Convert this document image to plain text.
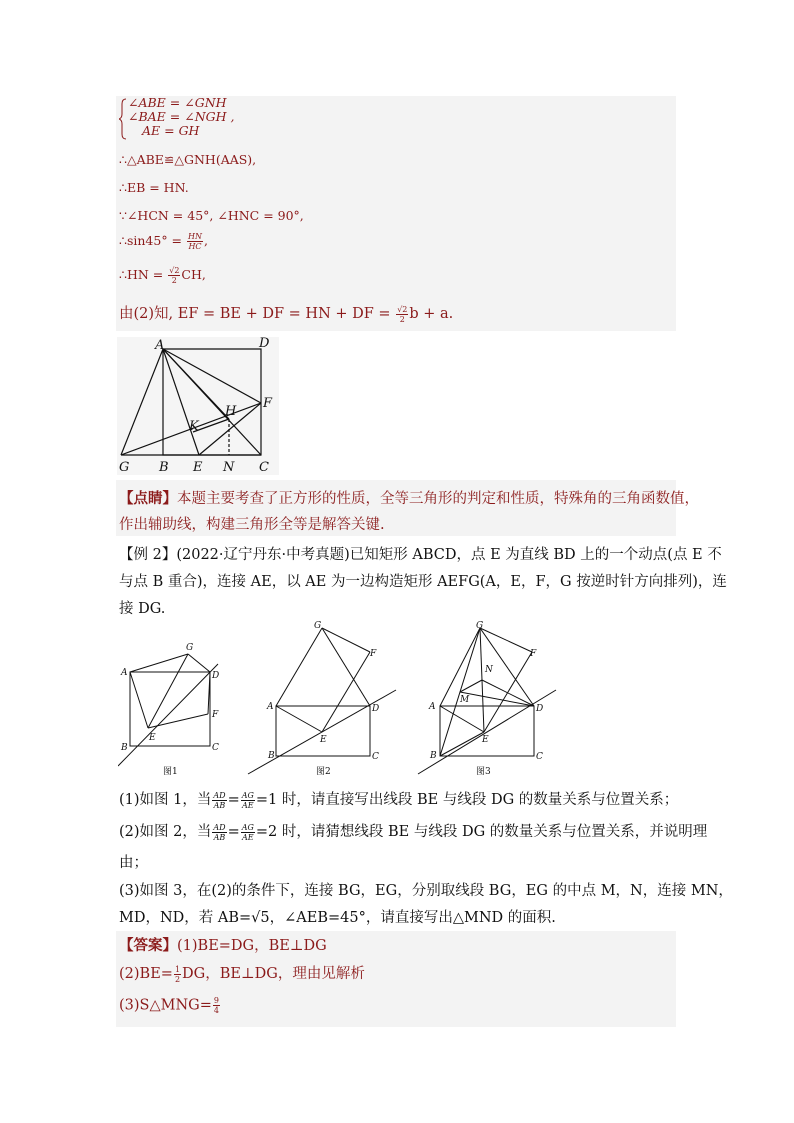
∠ABE = ∠GNH
∠BAE = ∠NGH ,
AE = GH
∴△ABE≌△GNH(AAS),
∴EB = HN.
∵∠HCN = 45°, ∠HNC = 90°,
∴sin45° = $\frac{HN}{HC}$ ,
∴HN = $\frac{√2}{2}$ CH,
由(2)知, EF = BE + DF = HN + DF = $\frac{√2}{2}$ b + a.
A	D
F
H
K
G B E N C
【点睛】本题主要考查了正方形的性质，全等三角形的判定和性质，特殊角的三角函数值，
作出辅助线，构建三角形全等是解答关键.
【例 2】(2022·辽宁丹东·中考真题)已知矩形 ABCD，点 E 为直线 BD 上的一个动点(点 E 不
与点 B 重合)，连接 AE，以 AE 为一边构造矩形 AEFG(A，E，F，G 按逆时针方向排列)，连
接 DG.
A
G
D
F
E
B	C
G
F
A	D
E
B	C
G
F
N
M
A	D
E
B	C
图1	图2	图3
(1)如图 1，当 $\frac{AD}{AB} = \frac{AG}{AE} =1$ 时，请直接写出线段 BE 与线段 DG 的数量关系与位置关系；
(2)如图 2，当 $\frac{AD}{AB} = \frac{AG}{AE} =2$ 时，请猜想线段 BE 与线段 DG 的数量关系与位置关系，并说明理
由；
(3)如图 3，在(2)的条件下，连接 BG，EG，分别取线段 BG，EG 的中点 M，N，连接 MN，
MD，ND，若 AB=√5，∠AEB=45°，请直接写出△MND 的面积.
【答案】(1)BE=DG，BE⊥DG
$(2)BE= \frac{1}{2}$ DG，BE⊥DG，理由见解析
(3)S△MNG= $\frac{9}{4}$
